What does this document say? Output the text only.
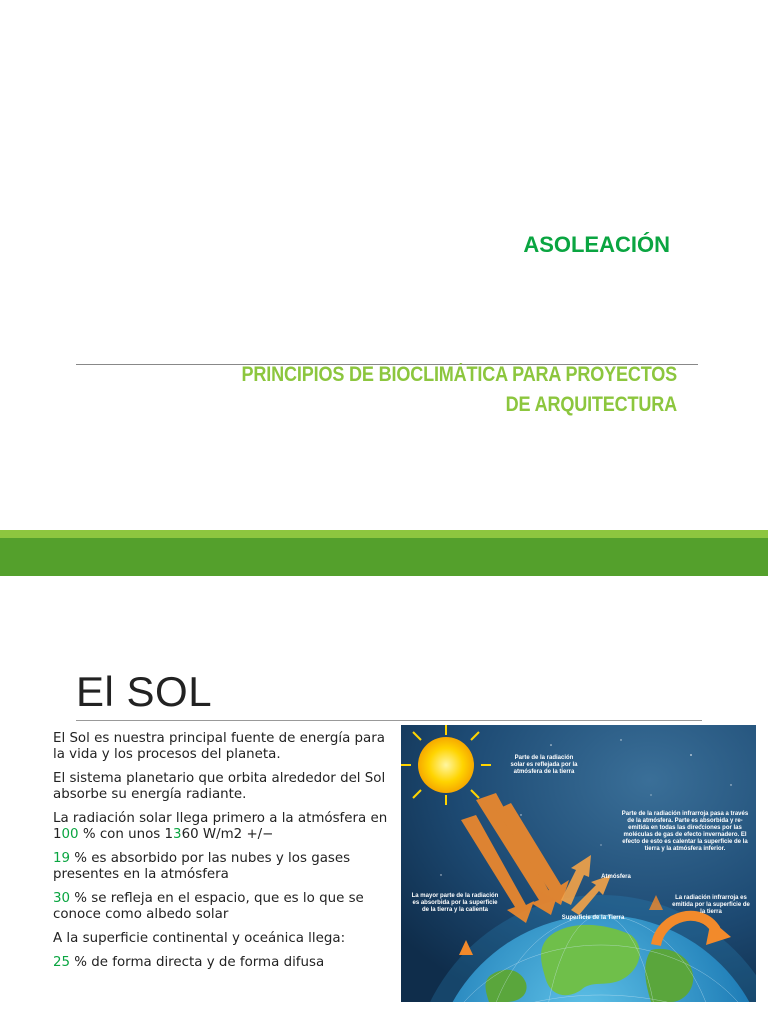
ASOLEACIÓN
PRINCIPIOS DE BIOCLIMÁTICA PARA PROYECTOS
DE ARQUITECTURA
El SOL
El Sol es nuestra principal fuente de energía para la vida y los procesos del planeta.
El sistema planetario que orbita alrededor del Sol absorbe su energía radiante.
La radiación solar llega primero a la atmósfera en 100 % con unos 1360 W/m2 +/−
19 % es absorbido por las nubes y los gases presentes en la atmósfera
30 % se refleja en el espacio, que es lo que se conoce como albedo solar
A la superficie continental y oceánica llega:
25 % de forma directa y de forma difusa
Parte de la radiación solar es reflejada por la atmósfera de la tierra
Parte de la radiación infrarroja pasa a través de la atmósfera. Parte es absorbida y re-emitida en todas las direcciones por las moléculas de gas de efecto invernadero. El efecto de esto es calentar la superficie de la tierra y la atmósfera inferior.
Atmósfera
La mayor parte de la radiación es absorbida por la superficie de la tierra y la calienta
Superficie de la Tierra
La radiación infrarroja es emitida por la superficie de la tierra
